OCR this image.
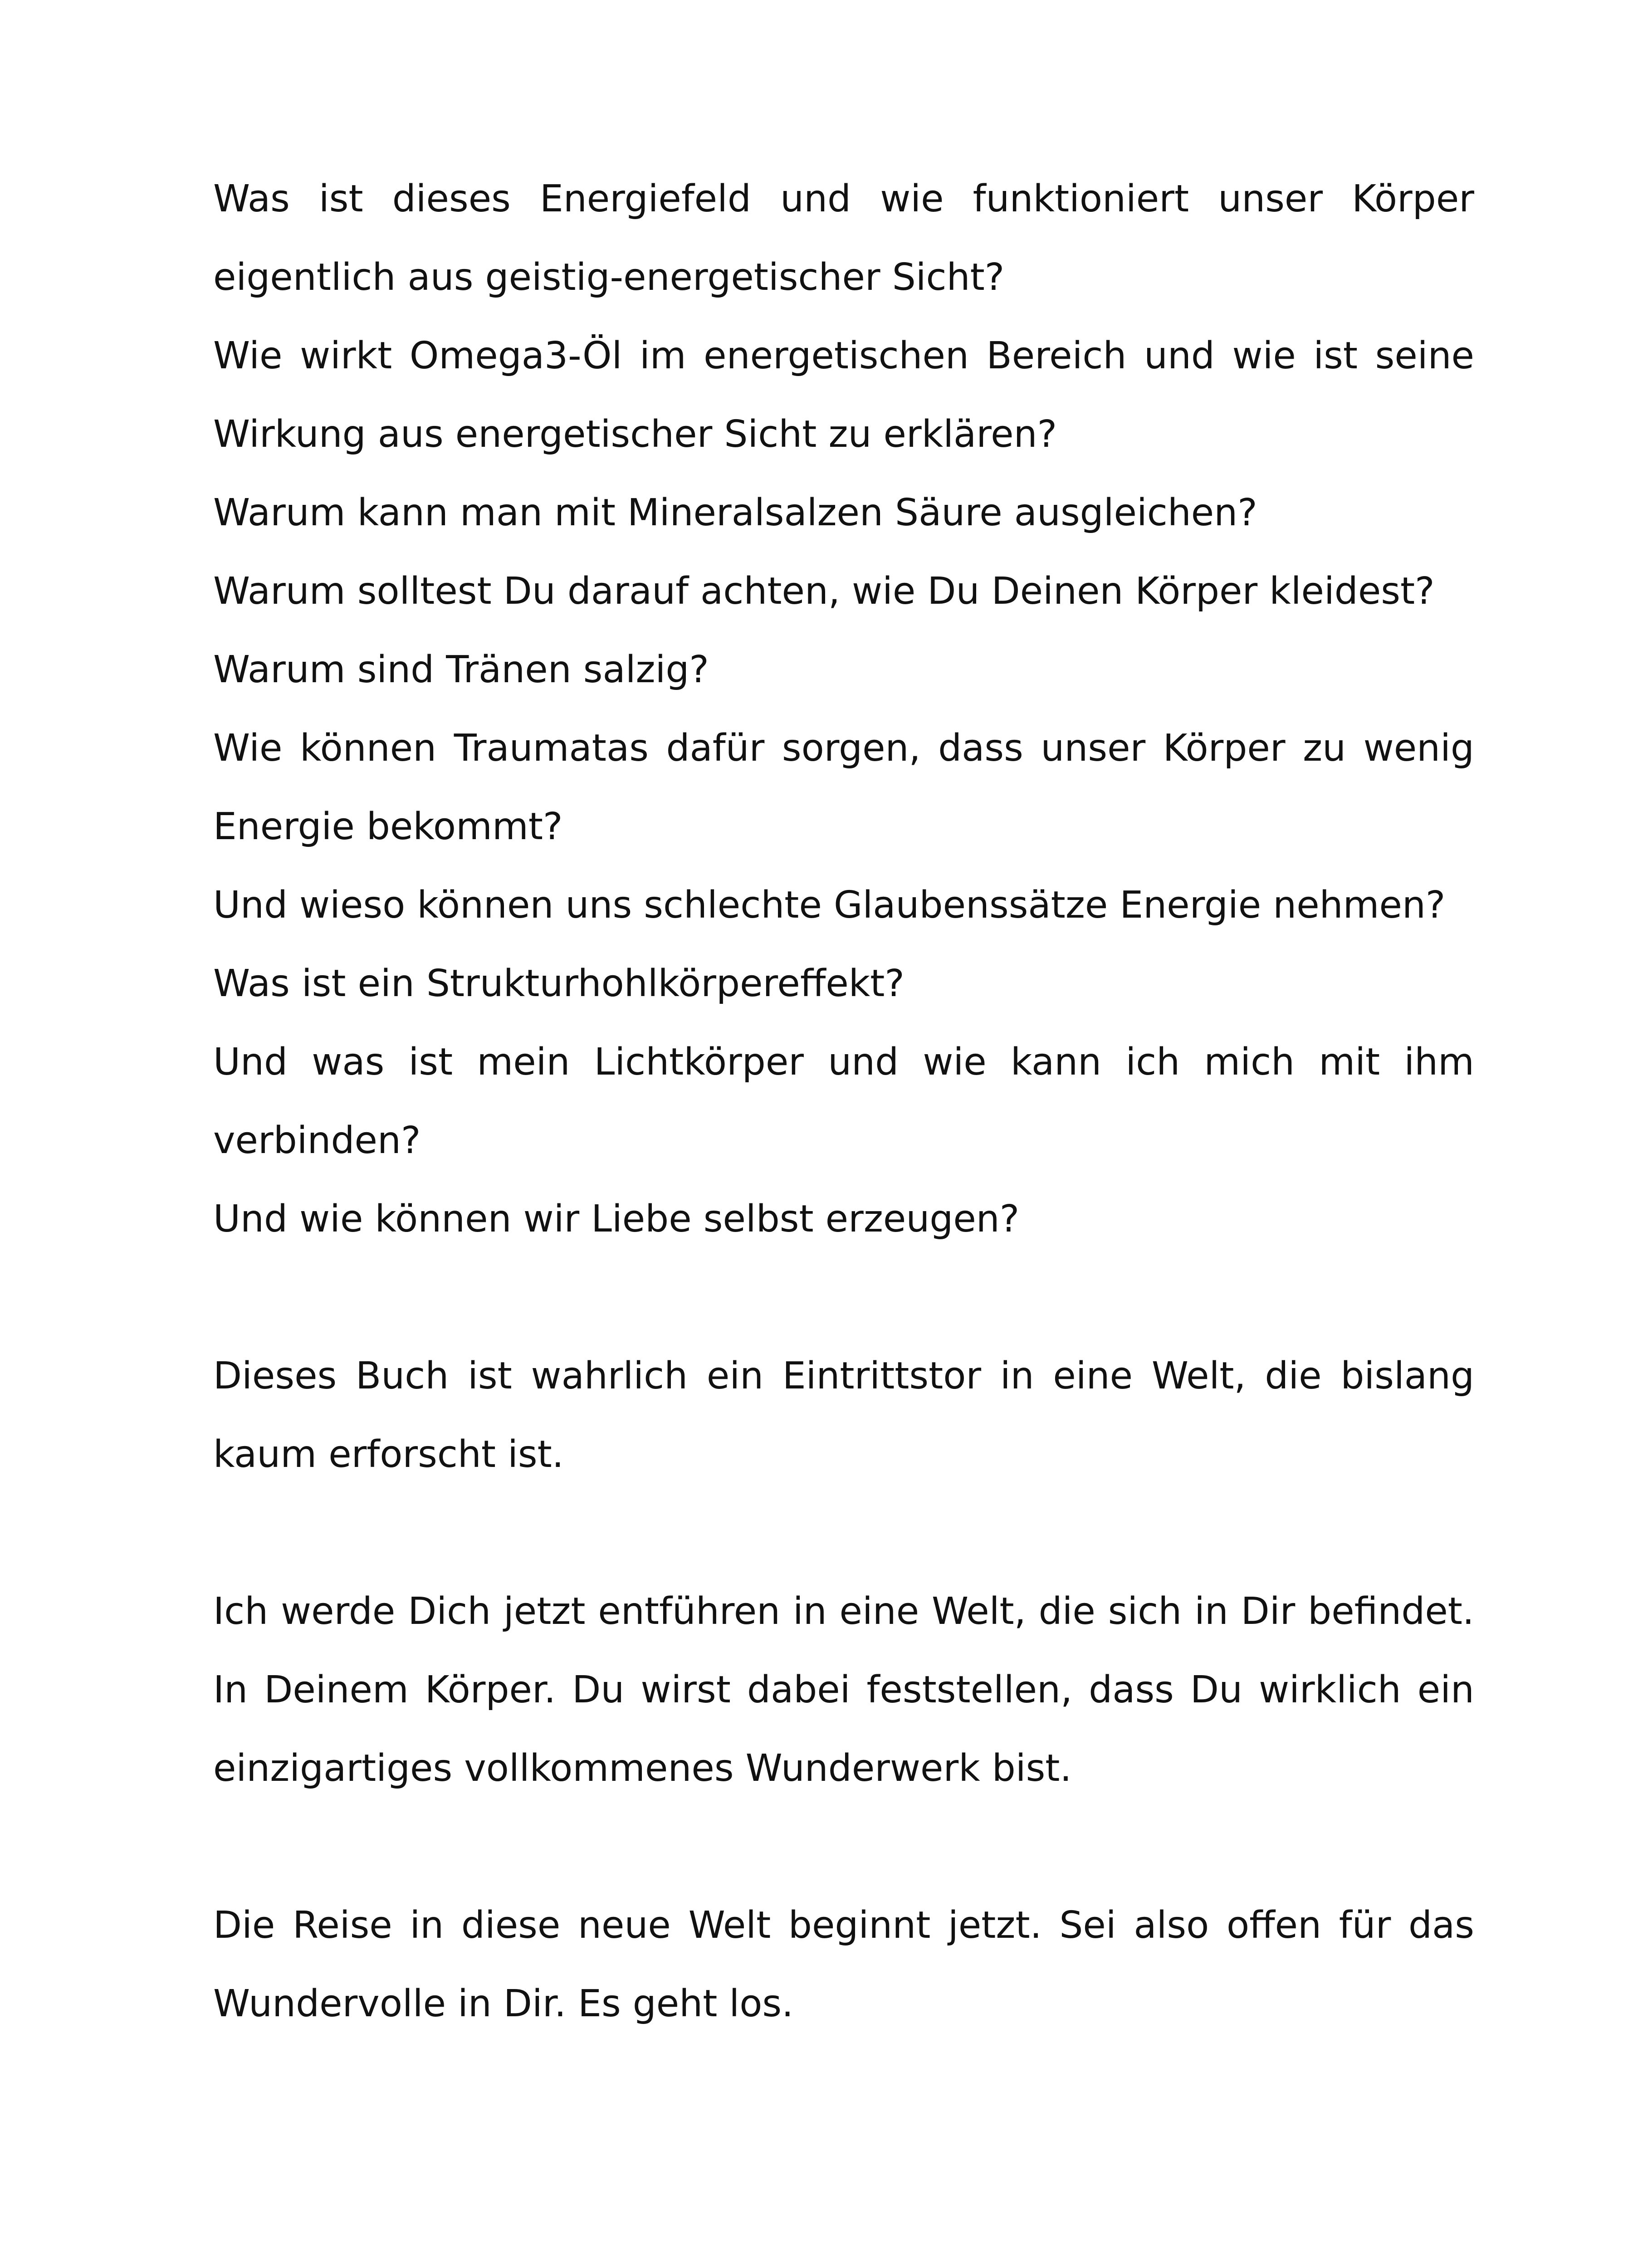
Was ist dieses Energiefeld und wie funktioniert unser Körper eigentlich aus geistig-energetischer Sicht?

Wie wirkt Omega3-Öl im energetischen Bereich und wie ist seine Wirkung aus energetischer Sicht zu erklären?

Warum kann man mit Mineralsalzen Säure ausgleichen?

Warum solltest Du darauf achten, wie Du Deinen Körper kleidest?

Warum sind Tränen salzig?

Wie können Traumatas dafür sorgen, dass unser Körper zu wenig Energie bekommt?

Und wieso können uns schlechte Glaubenssätze Energie nehmen?

Was ist ein Strukturhohlkörpereffekt?

Und was ist mein Lichtkörper und wie kann ich mich mit ihm verbinden?

Und wie können wir Liebe selbst erzeugen?

Dieses Buch ist wahrlich ein Eintrittstor in eine Welt, die bislang kaum erforscht ist.

Ich werde Dich jetzt entführen in eine Welt, die sich in Dir befindet. In Deinem Körper. Du wirst dabei feststellen, dass Du wirklich ein einzigartiges vollkommenes Wunderwerk bist.

Die Reise in diese neue Welt beginnt jetzt. Sei also offen für das Wundervolle in Dir. Es geht los.
